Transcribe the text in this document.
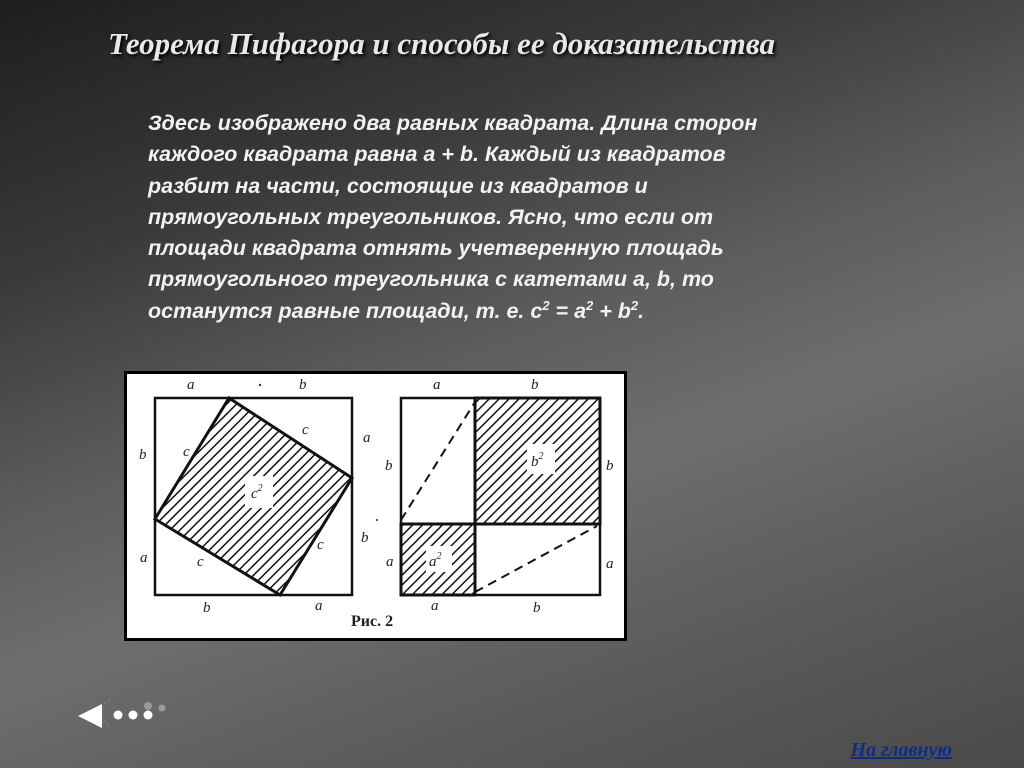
Теорема Пифагора и способы ее доказательства
Здесь изображено два равных квадрата. Длина сторон
каждого квадрата равна a + b. Каждый из квадратов
разбит на части, состоящие из квадратов и
прямоугольных треугольников. Ясно, что если от
площади квадрата отнять учетверенную площадь
прямоугольного треугольника с катетами a, b, то
останутся равные площади, т. е. $c^2 = a^2 + b^2$.
$c^2$
a	b
b
a
a
b
b	a
c
c
c
c
$b^2$
$a^2$
a	b
b
a
b
a
a	b
Рис. 2
На главную
